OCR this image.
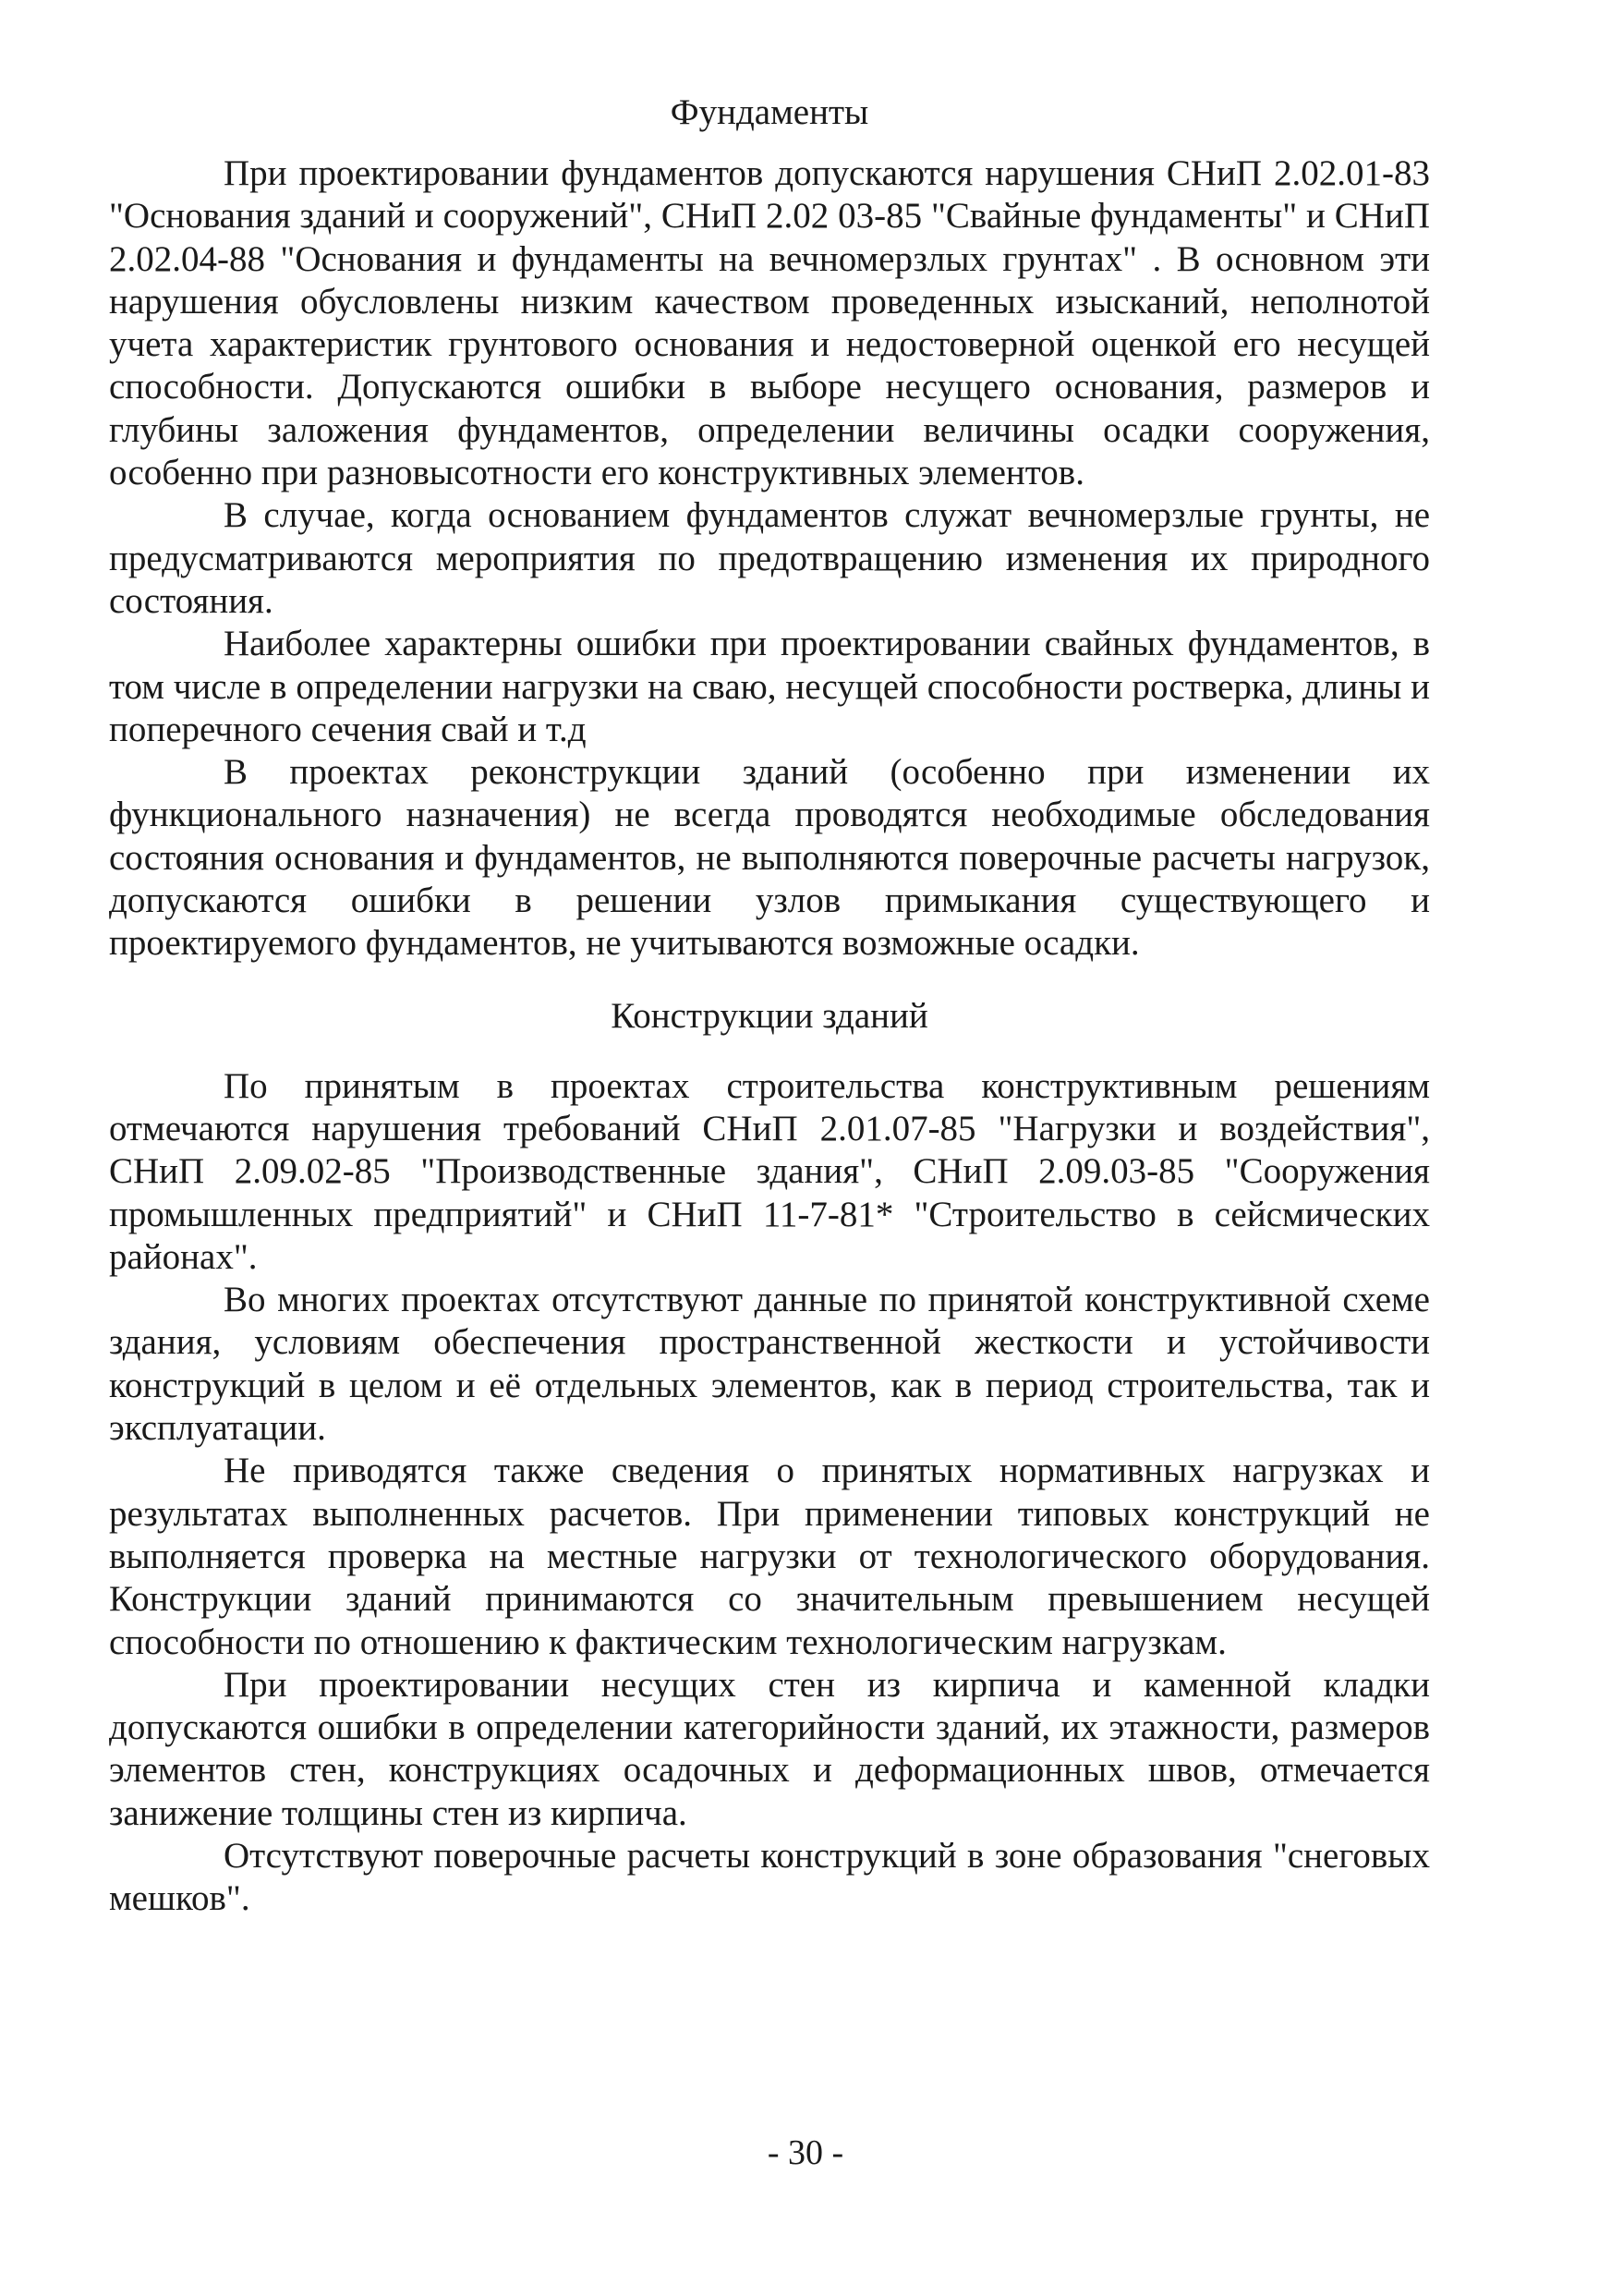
Фундаменты

При проектировании фундаментов допускаются нарушения СНиП 2.02.01-83 "Основания зданий и сооружений", СНиП 2.02 03-85 "Свайные фундаменты" и СНиП 2.02.04-88 "Основания и фундаменты на вечномерзлых грунтах" . В основном эти нарушения обусловлены низким качеством проведенных изысканий, неполнотой учета характеристик грунтового основания и недостоверной оценкой его несущей способности. Допускаются ошибки в выборе несущего основания, размеров и глубины заложения фундаментов, определении величины осадки сооружения, особенно при разновысотности его конструктивных элементов.

В случае, когда основанием фундаментов служат вечномерзлые грунты, не предусматриваются мероприятия по предотвращению изменения их природного состояния.

Наиболее характерны ошибки при проектировании свайных фундаментов, в том числе в определении нагрузки на сваю, несущей способности ростверка, длины и поперечного сечения свай и т.д

В проектах реконструкции зданий (особенно при изменении их функционального назначения) не всегда проводятся необходимые обследования состояния основания и фундаментов, не выполняются поверочные расчеты нагрузок, допускаются ошибки в решении узлов примыкания существующего и проектируемого фундаментов, не учитываются возможные осадки.

Конструкции зданий

По принятым в проектах строительства конструктивным решениям отмечаются нарушения требований СНиП 2.01.07-85 "Нагрузки и воздействия", СНиП 2.09.02-85 "Производственные здания", СНиП 2.09.03-85 "Сооружения промышленных предприятий" и СНиП 11-7-81* "Строительство в сейсмических районах".

Во многих проектах отсутствуют данные по принятой конструктивной схеме здания, условиям обеспечения пространственной жесткости и устойчивости конструкций в целом и её отдельных элементов, как в период строительства, так и эксплуатации.

Не приводятся также сведения о принятых нормативных нагрузках и результатах выполненных расчетов. При применении типовых конструкций не выполняется проверка на местные нагрузки от технологического оборудования. Конструкции зданий принимаются со значительным превышением несущей способности по отношению к фактическим технологическим нагрузкам.

При проектировании несущих стен из кирпича и каменной кладки допускаются ошибки в определении категорийности зданий, их этажности, размеров элементов стен, конструкциях осадочных и деформационных швов, отмечается занижение толщины стен из кирпича.

Отсутствуют поверочные расчеты конструкций в зоне образования "снеговых мешков".

- 30 -
